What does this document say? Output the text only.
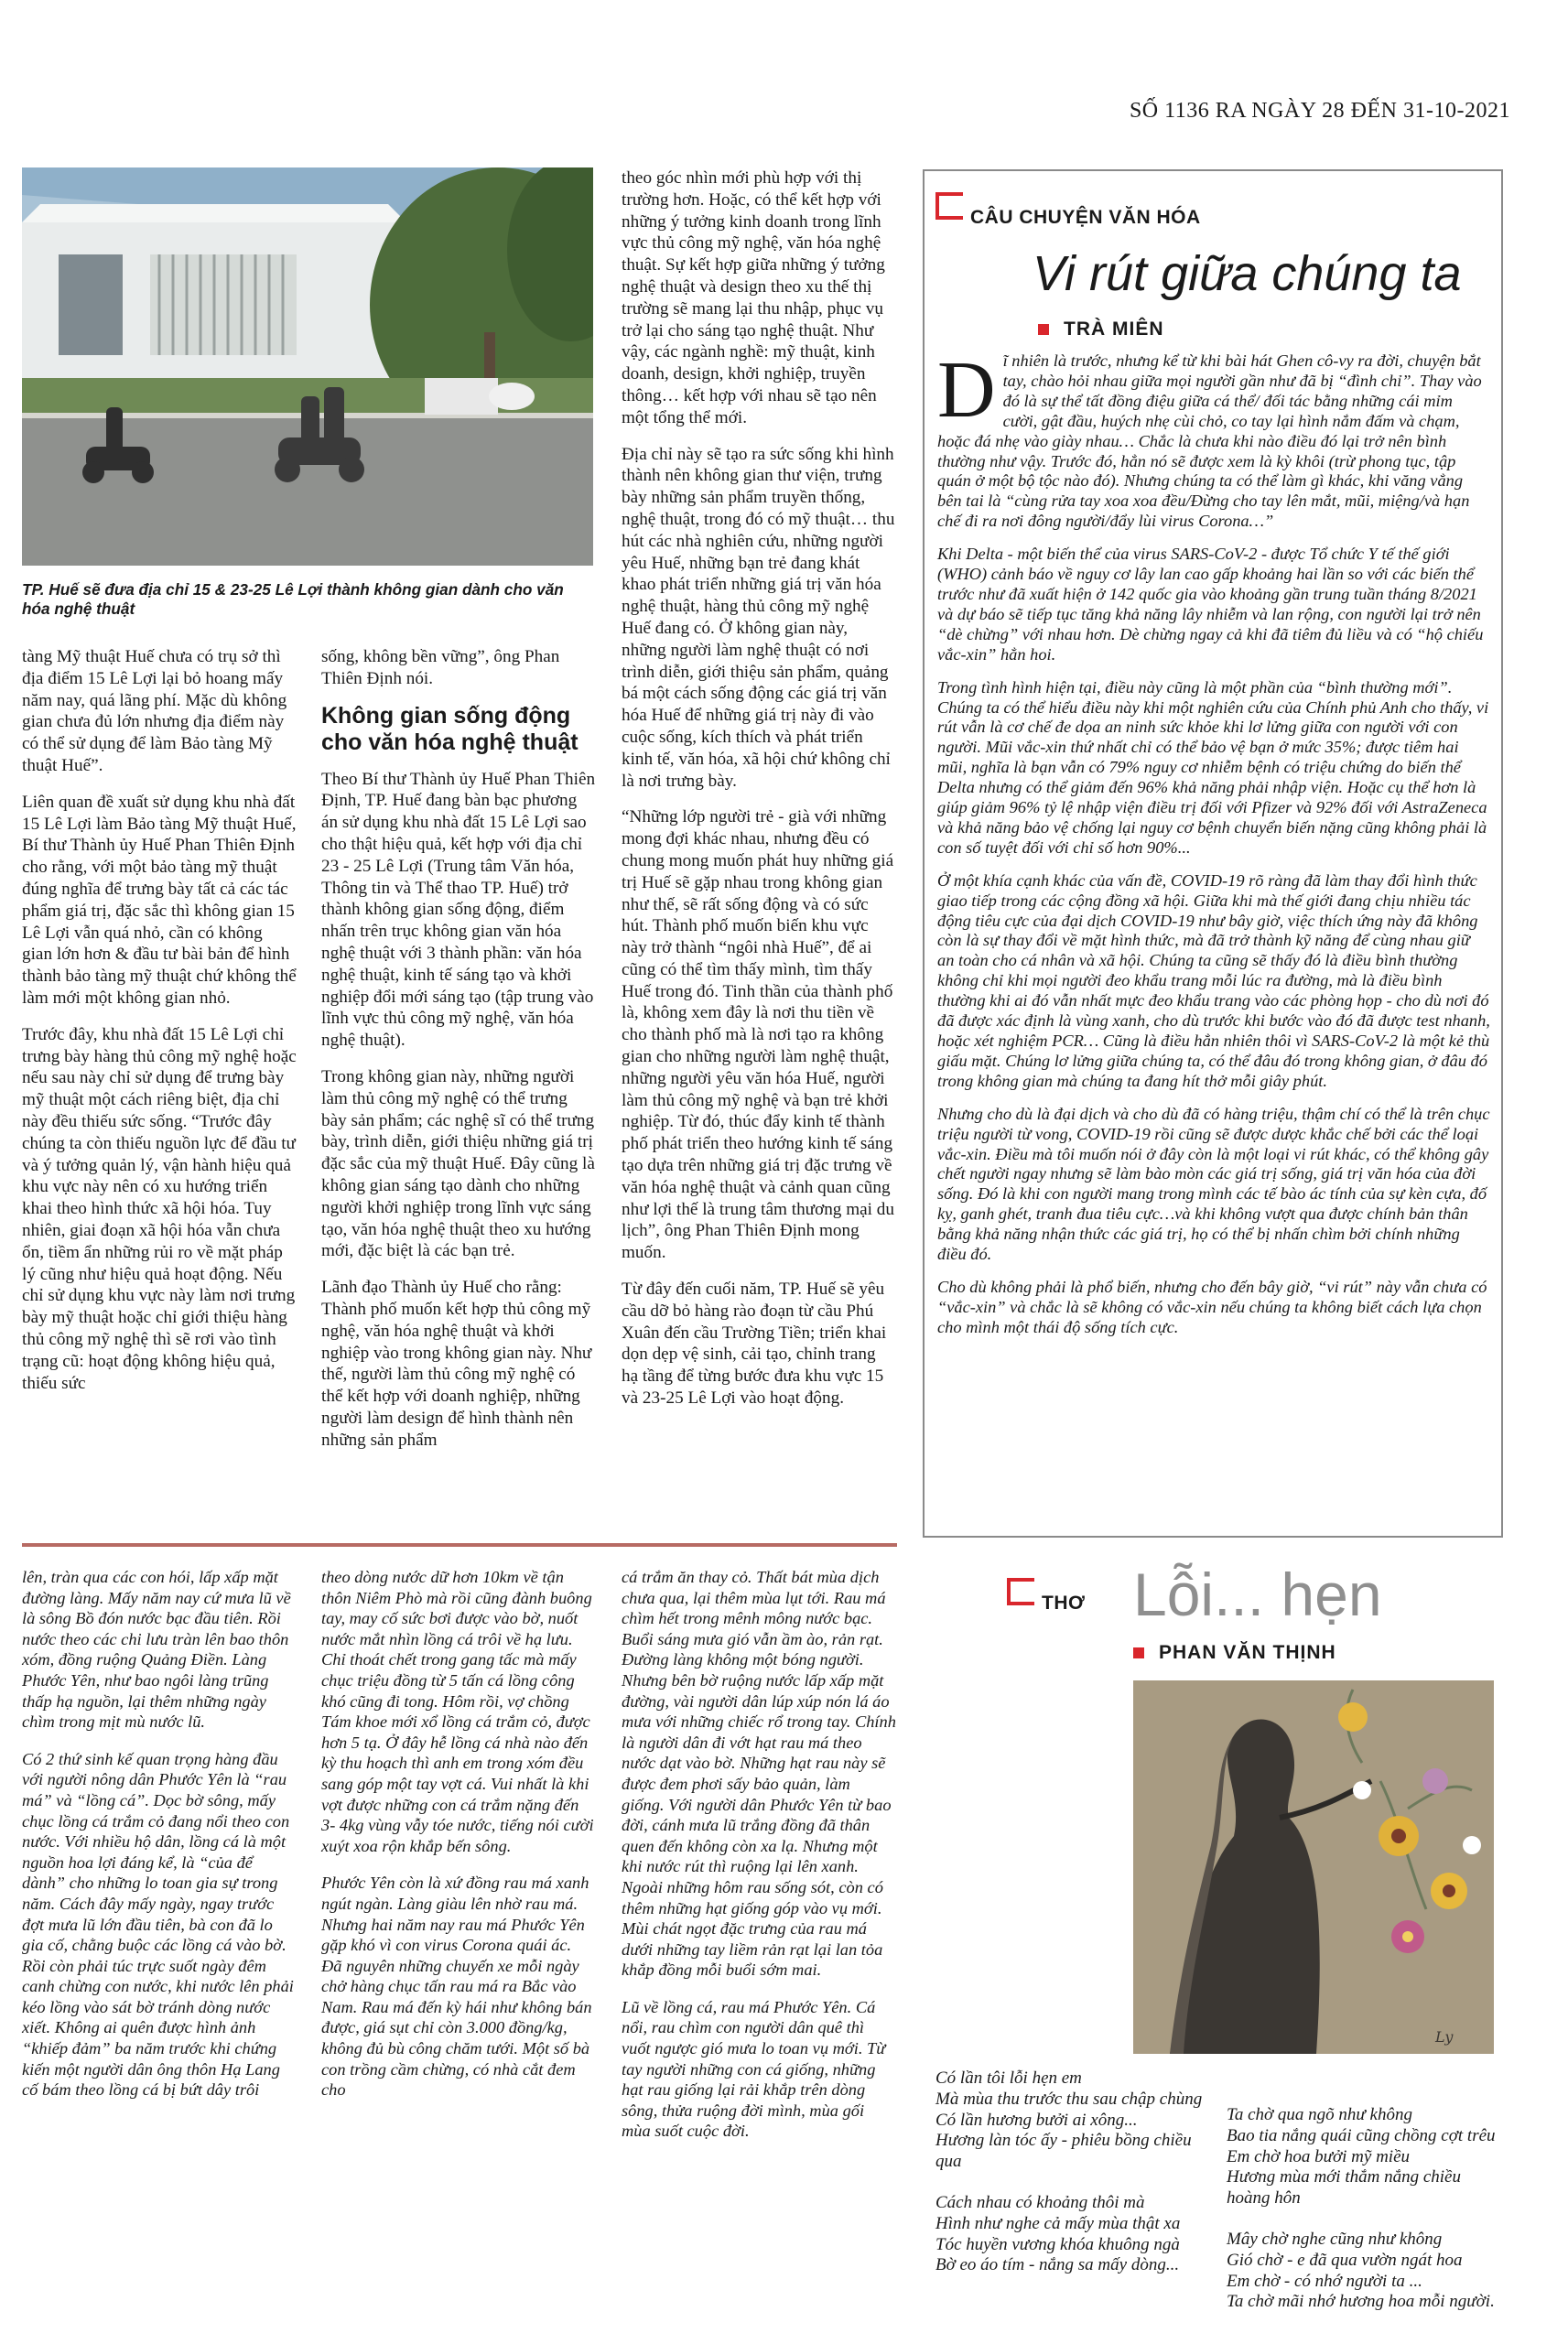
SỐ 1136 RA NGÀY 28 ĐẾN 31-10-2021
TP. Huế sẽ đưa địa chỉ 15 & 23-25 Lê Lợi thành không gian dành cho văn hóa nghệ thuật

tàng Mỹ thuật Huế chưa có trụ sở thì địa điểm 15 Lê Lợi lại bỏ hoang mấy năm nay, quá lãng phí. Mặc dù không gian chưa đủ lớn nhưng địa điểm này có thể sử dụng để làm Bảo tàng Mỹ thuật Huế”.

Liên quan đề xuất sử dụng khu nhà đất 15 Lê Lợi làm Bảo tàng Mỹ thuật Huế, Bí thư Thành ủy Huế Phan Thiên Định cho rằng, với một bảo tàng mỹ thuật đúng nghĩa để trưng bày tất cả các tác phẩm giá trị, đặc sắc thì không gian 15 Lê Lợi vẫn quá nhỏ, cần có không gian lớn hơn & đầu tư bài bản để hình thành bảo tàng mỹ thuật chứ không thể làm mới một không gian nhỏ.

Trước đây, khu nhà đất 15 Lê Lợi chỉ trưng bày hàng thủ công mỹ nghệ hoặc nếu sau này chỉ sử dụng để trưng bày mỹ thuật một cách riêng biệt, địa chỉ này đều thiếu sức sống. “Trước đây chúng ta còn thiếu nguồn lực để đầu tư và ý tưởng quản lý, vận hành hiệu quả khu vực này nên có xu hướng triển khai theo hình thức xã hội hóa. Tuy nhiên, giai đoạn xã hội hóa vẫn chưa ổn, tiềm ẩn những rủi ro về mặt pháp lý cũng như hiệu quả hoạt động. Nếu chỉ sử dụng khu vực này làm nơi trưng bày mỹ thuật hoặc chỉ giới thiệu hàng thủ công mỹ nghệ thì sẽ rơi vào tình trạng cũ: hoạt động không hiệu quả, thiếu sức

sống, không bền vững”, ông Phan Thiên Định nói.

Không gian sống động cho văn hóa nghệ thuật

Theo Bí thư Thành ủy Huế Phan Thiên Định, TP. Huế đang bàn bạc phương án sử dụng khu nhà đất 15 Lê Lợi sao cho thật hiệu quả, kết hợp với địa chỉ 23 - 25 Lê Lợi (Trung tâm Văn hóa, Thông tin và Thể thao TP. Huế) trở thành không gian sống động, điểm nhấn trên trục không gian văn hóa nghệ thuật với 3 thành phần: văn hóa nghệ thuật, kinh tế sáng tạo và khởi nghiệp đổi mới sáng tạo (tập trung vào lĩnh vực thủ công mỹ nghệ, văn hóa nghệ thuật).

Trong không gian này, những người làm thủ công mỹ nghệ có thể trưng bày sản phẩm; các nghệ sĩ có thể trưng bày, trình diễn, giới thiệu những giá trị đặc sắc của mỹ thuật Huế. Đây cũng là không gian sáng tạo dành cho những người khởi nghiệp trong lĩnh vực sáng tạo, văn hóa nghệ thuật theo xu hướng mới, đặc biệt là các bạn trẻ.

Lãnh đạo Thành ủy Huế cho rằng: Thành phố muốn kết hợp thủ công mỹ nghệ, văn hóa nghệ thuật và khởi nghiệp vào trong không gian này. Như thế, người làm thủ công mỹ nghệ có thể kết hợp với doanh nghiệp, những người làm design để hình thành nên những sản phẩm

theo góc nhìn mới phù hợp với thị trường hơn. Hoặc, có thể kết hợp với những ý tưởng kinh doanh trong lĩnh vực thủ công mỹ nghệ, văn hóa nghệ thuật. Sự kết hợp giữa những ý tưởng nghệ thuật và design theo xu thế thị trường sẽ mang lại thu nhập, phục vụ trở lại cho sáng tạo nghệ thuật. Như vậy, các ngành nghề: mỹ thuật, kinh doanh, design, khởi nghiệp, truyền thông… kết hợp với nhau sẽ tạo nên một tổng thể mới.

Địa chỉ này sẽ tạo ra sức sống khi hình thành nên không gian thư viện, trưng bày những sản phẩm truyền thống, nghệ thuật, trong đó có mỹ thuật… thu hút các nhà nghiên cứu, những người yêu Huế, những bạn trẻ đang khát khao phát triển những giá trị văn hóa nghệ thuật, hàng thủ công mỹ nghệ Huế đang có. Ở không gian này, những người làm nghệ thuật có nơi trình diễn, giới thiệu sản phẩm, quảng bá một cách sống động các giá trị văn hóa Huế để những giá trị này đi vào cuộc sống, kích thích và phát triển kinh tế, văn hóa, xã hội chứ không chỉ là nơi trưng bày.

“Những lớp người trẻ - già với những mong đợi khác nhau, nhưng đều có chung mong muốn phát huy những giá trị Huế sẽ gặp nhau trong không gian như thế, sẽ rất sống động và có sức hút. Thành phố muốn biến khu vực này trở thành “ngôi nhà Huế”, để ai cũng có thể tìm thấy mình, tìm thấy Huế trong đó. Tinh thần của thành phố là, không xem đây là nơi thu tiền về cho thành phố mà là nơi tạo ra không gian cho những người làm nghệ thuật, những người yêu văn hóa Huế, người làm thủ công mỹ nghệ và bạn trẻ khởi nghiệp. Từ đó, thúc đẩy kinh tế thành phố phát triển theo hướng kinh tế sáng tạo dựa trên những giá trị đặc trưng về văn hóa nghệ thuật và cảnh quan cũng như lợi thế là trung tâm thương mại du lịch”, ông Phan Thiên Định mong muốn.

Từ đây đến cuối năm, TP. Huế sẽ yêu cầu dỡ bỏ hàng rào đoạn từ cầu Phú Xuân đến cầu Trường Tiền; triển khai dọn dẹp vệ sinh, cải tạo, chỉnh trang hạ tầng để từng bước đưa khu vực 15 và 23-25 Lê Lợi vào hoạt động.

CÂU CHUYỆN VĂN HÓA
Vi rút giữa chúng ta
TRÀ MIÊN

Dĩ nhiên là trước, nhưng kể từ khi bài hát Ghen cô-vy ra đời, chuyện bắt tay, chào hỏi nhau giữa mọi người gần như đã bị “đình chỉ”. Thay vào đó là sự thể tất đồng điệu giữa cá thể/ đối tác bằng những cái mỉm cười, gật đầu, huých nhẹ cùi chỏ, co tay lại hình nắm đấm và chạm, hoặc đá nhẹ vào giày nhau… Chắc là chưa khi nào điều đó lại trở nên bình thường như vậy. Trước đó, hẳn nó sẽ được xem là kỳ khôi (trừ phong tục, tập quán ở một bộ tộc nào đó). Nhưng chúng ta có thể làm gì khác, khi văng vẳng bên tai là “cùng rửa tay xoa xoa đều/Đừng cho tay lên mắt, mũi, miệng/và hạn chế đi ra nơi đông người/đẩy lùi virus Corona…”

Khi Delta - một biến thể của virus SARS-CoV-2 - được Tổ chức Y tế thế giới (WHO) cảnh báo về nguy cơ lây lan cao gấp khoảng hai lần so với các biến thể trước như đã xuất hiện ở 142 quốc gia vào khoảng gần trung tuần tháng 8/2021 và dự báo sẽ tiếp tục tăng khả năng lây nhiễm và lan rộng, con người lại trở nên “dè chừng” với nhau hơn. Dè chừng ngay cả khi đã tiêm đủ liều và có “hộ chiếu vắc-xin” hẳn hoi.

Trong tình hình hiện tại, điều này cũng là một phần của “bình thường mới”. Chúng ta có thể hiểu điều này khi một nghiên cứu của Chính phủ Anh cho thấy, vi rút vẫn là cơ chế đe dọa an ninh sức khỏe khi lơ lửng giữa con người với con người. Mũi vắc-xin thứ nhất chỉ có thể bảo vệ bạn ở mức 35%; được tiêm hai mũi, nghĩa là bạn vẫn có 79% nguy cơ nhiễm bệnh có triệu chứng do biến thể Delta nhưng có thể giảm đến 96% khả năng phải nhập viện. Hoặc cụ thể hơn là giúp giảm 96% tỷ lệ nhập viện điều trị đối với Pfizer và 92% đối với AstraZeneca và khả năng bảo vệ chống lại nguy cơ bệnh chuyển biến nặng cũng không phải là con số tuyệt đối với chỉ số hơn 90%...

Ở một khía cạnh khác của vấn đề, COVID-19 rõ ràng đã làm thay đổi hình thức giao tiếp trong các cộng đồng xã hội. Giữa khi mà thế giới đang chịu nhiều tác động tiêu cực của đại dịch COVID-19 như bây giờ, việc thích ứng này đã không còn là sự thay đổi về mặt hình thức, mà đã trở thành kỹ năng để cùng nhau giữ an toàn cho cá nhân và xã hội. Chúng ta cũng sẽ thấy đó là điều bình thường không chỉ khi mọi người đeo khẩu trang mỗi lúc ra đường, mà là điều bình thường khi ai đó vẫn nhất mực đeo khẩu trang vào các phòng họp - cho dù nơi đó đã được xác định là vùng xanh, cho dù trước khi bước vào đó đã được test nhanh, hoặc xét nghiệm PCR… Cũng là điều hẳn nhiên thôi vì SARS-CoV-2 là một kẻ thù giấu mặt. Chúng lơ lửng giữa chúng ta, có thể đâu đó trong không gian, ở đâu đó trong không gian mà chúng ta đang hít thở mỗi giây phút.

Nhưng cho dù là đại dịch và cho dù đã có hàng triệu, thậm chí có thể là trên chục triệu người từ vong, COVID-19 rồi cũng sẽ được dược khắc chế bởi các thể loại vắc-xin. Điều mà tôi muốn nói ở đây còn là một loại vi rút khác, có thể không gây chết người ngay nhưng sẽ làm bào mòn các giá trị sống, giá trị văn hóa của đời sống. Đó là khi con người mang trong mình các tế bào ác tính của sự kèn cựa, đố kỵ, ganh ghét, tranh đua tiêu cực…và khi không vượt qua được chính bản thân bằng khả năng nhận thức các giá trị, họ có thể bị nhấn chìm bởi chính những điều đó.

Cho dù không phải là phổ biến, nhưng cho đến bây giờ, “vi rút” này vẫn chưa có “vắc-xin” và chắc là sẽ không có vắc-xin nếu chúng ta không biết cách lựa chọn cho mình một thái độ sống tích cực.

lên, tràn qua các con hói, lấp xấp mặt đường làng. Mấy năm nay cứ mưa lũ về là sông Bồ đón nước bạc đầu tiên. Rồi nước theo các chi lưu tràn lên bao thôn xóm, đồng ruộng Quảng Điền. Làng Phước Yên, như bao ngôi làng trũng thấp hạ nguồn, lại thêm những ngày chìm trong mịt mù nước lũ.

Có 2 thứ sinh kế quan trọng hàng đầu với người nông dân Phước Yên là “rau má” và “lồng cá”. Dọc bờ sông, mấy chục lồng cá trắm cỏ đang nổi theo con nước. Với nhiều hộ dân, lồng cá là một nguồn hoa lợi đáng kể, là “của để dành” cho những lo toan gia sự trong năm. Cách đây mấy ngày, ngay trước đợt mưa lũ lớn đầu tiên, bà con đã lo gia cố, chằng buộc các lồng cá vào bờ. Rồi còn phải túc trực suốt ngày đêm canh chừng con nước, khi nước lên phải kéo lồng vào sát bờ tránh dòng nước xiết. Không ai quên được hình ảnh “khiếp đảm” ba năm trước khi chứng kiến một người dân ông thôn Hạ Lang cố bám theo lồng cá bị bứt dây trôi

theo dòng nước dữ hơn 10km về tận thôn Niêm Phò mà rồi cũng đành buông tay, may cố sức bơi được vào bờ, nuốt nước mắt nhìn lồng cá trôi về hạ lưu. Chỉ thoát chết trong gang tấc mà mấy chục triệu đồng từ 5 tấn cá lồng công khó cũng đi tong. Hôm rồi, vợ chồng Tám khoe mới xổ lồng cá trắm cỏ, được hơn 5 tạ. Ở đây hễ lồng cá nhà nào đến kỳ thu hoạch thì anh em trong xóm đều sang góp một tay vợt cá. Vui nhất là khi vợt được những con cá trắm nặng đến 3- 4kg vùng vẫy tóe nước, tiếng nói cười xuýt xoa rộn khắp bến sông.

Phước Yên còn là xứ đồng rau má xanh ngút ngàn. Làng giàu lên nhờ rau má. Nhưng hai năm nay rau má Phước Yên gặp khó vì con virus Corona quái ác. Đã nguyên những chuyến xe mỗi ngày chở hàng chục tấn rau má ra Bắc vào Nam. Rau má đến kỳ hái như không bán được, giá sụt chỉ còn 3.000 đồng/kg, không đủ bù công chăm tưới. Một số bà con trồng cầm chừng, có nhà cắt đem cho

cá trắm ăn thay cỏ. Thất bát mùa dịch chưa qua, lại thêm mùa lụt tới. Rau má chìm hết trong mênh mông nước bạc. Buổi sáng mưa gió vẫn ầm ào, rản rạt. Đường làng không một bóng người. Nhưng bên bờ ruộng nước lấp xấp mặt đường, vài người dân lúp xúp nón lá áo mưa với những chiếc rổ trong tay. Chính là người dân đi vớt hạt rau má theo nước dạt vào bờ. Những hạt rau này sẽ được đem phơi sấy bảo quản, làm giống. Với người dân Phước Yên từ bao đời, cánh mưa lũ trắng đồng đã thân quen đến không còn xa lạ. Nhưng một khi nước rút thì ruộng lại lên xanh. Ngoài những hôm rau sống sót, còn có thêm những hạt giống góp vào vụ mới. Mùi chát ngọt đặc trưng của rau má dưới những tay liềm rản rạt lại lan tỏa khắp đồng mỗi buổi sớm mai.

Lũ về lồng cá, rau má Phước Yên. Cá nổi, rau chìm con người dân quê thì vuốt ngược gió mưa lo toan vụ mới. Từ tay người những con cá giống, những hạt rau giống lại rải khắp trên dòng sông, thửa ruộng đời mình, mùa gối mùa suốt cuộc đời.

THƠ Lỗi... hẹn
PHAN VĂN THỊNH
Ly

Có lần tôi lỗi hẹn em
Mà mùa thu trước thu sau chập chùng
Có lần hương bưởi ai xông...
Hương làn tóc ấy - phiêu bồng chiều qua

Cách nhau có khoảng thôi mà
Hình như nghe cả mấy mùa thật xa
Tóc huyền vương khóa khuông ngà
Bờ eo áo tím - nắng sa mấy dòng...

Ta chờ qua ngõ như không
Bao tia nắng quái cũng chồng cợt trêu
Em chờ hoa bưởi mỹ miều
Hương mùa mới thắm nắng chiều hoàng hôn

Mây chờ nghe cũng như không
Gió chờ - e đã qua vườn ngát hoa
Em chờ - có nhớ người ta ...
Ta chờ mãi nhớ hương hoa mỗi người.
